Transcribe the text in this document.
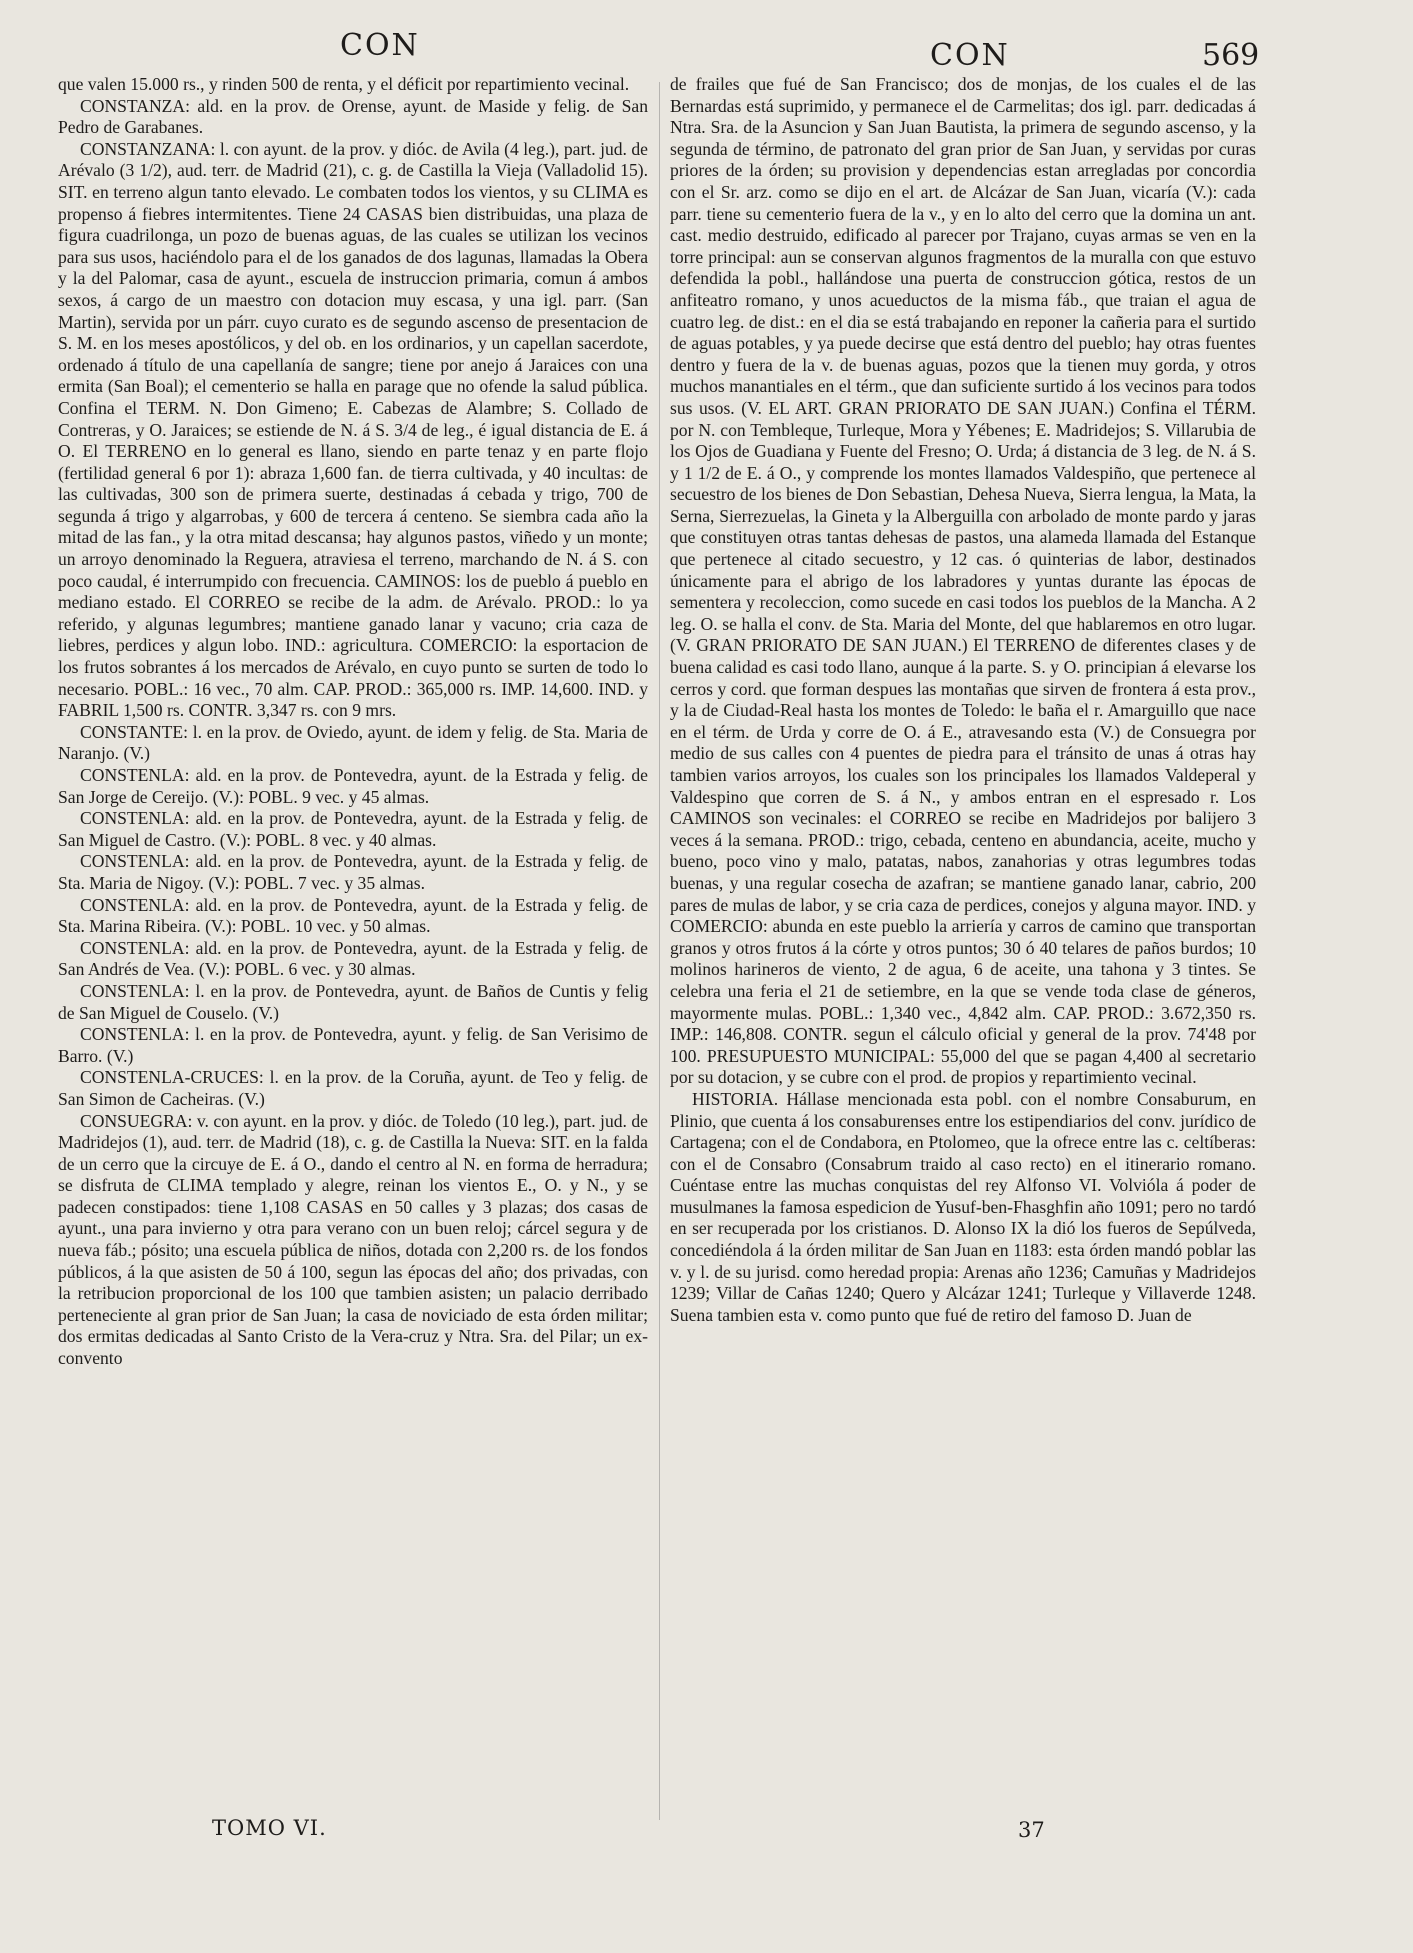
CON	CON	569

que valen 15.000 rs., y rinden 500 de renta, y el déficit por repartimiento vecinal.

CONSTANZA: ald. en la prov. de Orense, ayunt. de Maside y felig. de San Pedro de Garabanes.

CONSTANZANA: l. con ayunt. de la prov. y dióc. de Avila (4 leg.), part. jud. de Arévalo (3 1/2), aud. terr. de Madrid (21), c. g. de Castilla la Vieja (Valladolid 15). SIT. en terreno algun tanto elevado. Le combaten todos los vientos, y su CLIMA es propenso á fiebres intermitentes. Tiene 24 CASAS bien distribuidas, una plaza de figura cuadrilonga, un pozo de buenas aguas, de las cuales se utilizan los vecinos para sus usos, haciéndolo para el de los ganados de dos lagunas, llamadas la Obera y la del Palomar, casa de ayunt., escuela de instruccion primaria, comun á ambos sexos, á cargo de un maestro con dotacion muy escasa, y una igl. parr. (San Martin), servida por un párr. cuyo curato es de segundo ascenso de presentacion de S. M. en los meses apostólicos, y del ob. en los ordinarios, y un capellan sacerdote, ordenado á título de una capellanía de sangre; tiene por anejo á Jaraices con una ermita (San Boal); el cementerio se halla en parage que no ofende la salud pública. Confina el TERM. N. Don Gimeno; E. Cabezas de Alambre; S. Collado de Contreras, y O. Jaraices; se estiende de N. á S. 3/4 de leg., é igual distancia de E. á O. El TERRENO en lo general es llano, siendo en parte tenaz y en parte flojo (fertilidad general 6 por 1): abraza 1,600 fan. de tierra cultivada, y 40 incultas: de las cultivadas, 300 son de primera suerte, destinadas á cebada y trigo, 700 de segunda á trigo y algarrobas, y 600 de tercera á centeno. Se siembra cada año la mitad de las fan., y la otra mitad descansa; hay algunos pastos, viñedo y un monte; un arroyo denominado la Reguera, atraviesa el terreno, marchando de N. á S. con poco caudal, é interrumpido con frecuencia. CAMINOS: los de pueblo á pueblo en mediano estado. El CORREO se recibe de la adm. de Arévalo. PROD.: lo ya referido, y algunas legumbres; mantiene ganado lanar y vacuno; cria caza de liebres, perdices y algun lobo. IND.: agricultura. COMERCIO: la esportacion de los frutos sobrantes á los mercados de Arévalo, en cuyo punto se surten de todo lo necesario. POBL.: 16 vec., 70 alm. CAP. PROD.: 365,000 rs. IMP. 14,600. IND. y FABRIL 1,500 rs. CONTR. 3,347 rs. con 9 mrs.

CONSTANTE: l. en la prov. de Oviedo, ayunt. de idem y felig. de Sta. Maria de Naranjo. (V.)

CONSTENLA: ald. en la prov. de Pontevedra, ayunt. de la Estrada y felig. de San Jorge de Cereijo. (V.): POBL. 9 vec. y 45 almas.

CONSTENLA: ald. en la prov. de Pontevedra, ayunt. de la Estrada y felig. de San Miguel de Castro. (V.): POBL. 8 vec. y 40 almas.

CONSTENLA: ald. en la prov. de Pontevedra, ayunt. de la Estrada y felig. de Sta. Maria de Nigoy. (V.): POBL. 7 vec. y 35 almas.

CONSTENLA: ald. en la prov. de Pontevedra, ayunt. de la Estrada y felig. de Sta. Marina Ribeira. (V.): POBL. 10 vec. y 50 almas.

CONSTENLA: ald. en la prov. de Pontevedra, ayunt. de la Estrada y felig. de San Andrés de Vea. (V.): POBL. 6 vec. y 30 almas.

CONSTENLA: l. en la prov. de Pontevedra, ayunt. de Baños de Cuntis y felig de San Miguel de Couselo. (V.)

CONSTENLA: l. en la prov. de Pontevedra, ayunt. y felig. de San Verisimo de Barro. (V.)

CONSTENLA-CRUCES: l. en la prov. de la Coruña, ayunt. de Teo y felig. de San Simon de Cacheiras. (V.)

CONSUEGRA: v. con ayunt. en la prov. y dióc. de Toledo (10 leg.), part. jud. de Madridejos (1), aud. terr. de Madrid (18), c. g. de Castilla la Nueva: SIT. en la falda de un cerro que la circuye de E. á O., dando el centro al N. en forma de herradura; se disfruta de CLIMA templado y alegre, reinan los vientos E., O. y N., y se padecen constipados: tiene 1,108 CASAS en 50 calles y 3 plazas; dos casas de ayunt., una para invierno y otra para verano con un buen reloj; cárcel segura y de nueva fáb.; pósito; una escuela pública de niños, dotada con 2,200 rs. de los fondos públicos, á la que asisten de 50 á 100, segun las épocas del año; dos privadas, con la retribucion proporcional de los 100 que tambien asisten; un palacio derribado perteneciente al gran prior de San Juan; la casa de noviciado de esta órden militar; dos ermitas dedicadas al Santo Cristo de la Vera-cruz y Ntra. Sra. del Pilar; un ex-convento

de frailes que fué de San Francisco; dos de monjas, de los cuales el de las Bernardas está suprimido, y permanece el de Carmelitas; dos igl. parr. dedicadas á Ntra. Sra. de la Asuncion y San Juan Bautista, la primera de segundo ascenso, y la segunda de término, de patronato del gran prior de San Juan, y servidas por curas priores de la órden; su provision y dependencias estan arregladas por concordia con el Sr. arz. como se dijo en el art. de Alcázar de San Juan, vicaría (V.): cada parr. tiene su cementerio fuera de la v., y en lo alto del cerro que la domina un ant. cast. medio destruido, edificado al parecer por Trajano, cuyas armas se ven en la torre principal: aun se conservan algunos fragmentos de la muralla con que estuvo defendida la pobl., hallándose una puerta de construccion gótica, restos de un anfiteatro romano, y unos acueductos de la misma fáb., que traian el agua de cuatro leg. de dist.: en el dia se está trabajando en reponer la cañeria para el surtido de aguas potables, y ya puede decirse que está dentro del pueblo; hay otras fuentes dentro y fuera de la v. de buenas aguas, pozos que la tienen muy gorda, y otros muchos manantiales en el térm., que dan suficiente surtido á los vecinos para todos sus usos. (V. EL ART. GRAN PRIORATO DE SAN JUAN.) Confina el TÉRM. por N. con Tembleque, Turleque, Mora y Yébenes; E. Madridejos; S. Villarubia de los Ojos de Guadiana y Fuente del Fresno; O. Urda; á distancia de 3 leg. de N. á S. y 1 1/2 de E. á O., y comprende los montes llamados Valdespiño, que pertenece al secuestro de los bienes de Don Sebastian, Dehesa Nueva, Sierra lengua, la Mata, la Serna, Sierrezuelas, la Gineta y la Alberguilla con arbolado de monte pardo y jaras que constituyen otras tantas dehesas de pastos, una alameda llamada del Estanque que pertenece al citado secuestro, y 12 cas. ó quinterias de labor, destinados únicamente para el abrigo de los labradores y yuntas durante las épocas de sementera y recoleccion, como sucede en casi todos los pueblos de la Mancha. A 2 leg. O. se halla el conv. de Sta. Maria del Monte, del que hablaremos en otro lugar. (V. GRAN PRIORATO DE SAN JUAN.) El TERRENO de diferentes clases y de buena calidad es casi todo llano, aunque á la parte. S. y O. principian á elevarse los cerros y cord. que forman despues las montañas que sirven de frontera á esta prov., y la de Ciudad-Real hasta los montes de Toledo: le baña el r. Amarguillo que nace en el térm. de Urda y corre de O. á E., atravesando esta (V.) de Consuegra por medio de sus calles con 4 puentes de piedra para el tránsito de unas á otras hay tambien varios arroyos, los cuales son los principales los llamados Valdeperal y Valdespino que corren de S. á N., y ambos entran en el espresado r. Los CAMINOS son vecinales: el CORREO se recibe en Madridejos por balijero 3 veces á la semana. PROD.: trigo, cebada, centeno en abundancia, aceite, mucho y bueno, poco vino y malo, patatas, nabos, zanahorias y otras legumbres todas buenas, y una regular cosecha de azafran; se mantiene ganado lanar, cabrio, 200 pares de mulas de labor, y se cria caza de perdices, conejos y alguna mayor. IND. y COMERCIO: abunda en este pueblo la arriería y carros de camino que transportan granos y otros frutos á la córte y otros puntos; 30 ó 40 telares de paños burdos; 10 molinos harineros de viento, 2 de agua, 6 de aceite, una tahona y 3 tintes. Se celebra una feria el 21 de setiembre, en la que se vende toda clase de géneros, mayormente mulas. POBL.: 1,340 vec., 4,842 alm. CAP. PROD.: 3.672,350 rs. IMP.: 146,808. CONTR. segun el cálculo oficial y general de la prov. 74'48 por 100. PRESUPUESTO MUNICIPAL: 55,000 del que se pagan 4,400 al secretario por su dotacion, y se cubre con el prod. de propios y repartimiento vecinal.

HISTORIA. Hállase mencionada esta pobl. con el nombre Consaburum, en Plinio, que cuenta á los consaburenses entre los estipendiarios del conv. jurídico de Cartagena; con el de Condabora, en Ptolomeo, que la ofrece entre las c. celtíberas: con el de Consabro (Consabrum traido al caso recto) en el itinerario romano. Cuéntase entre las muchas conquistas del rey Alfonso VI. Volvióla á poder de musulmanes la famosa espedicion de Yusuf-ben-Fhasghfin año 1091; pero no tardó en ser recuperada por los cristianos. D. Alonso IX la dió los fueros de Sepúlveda, concediéndola á la órden militar de San Juan en 1183: esta órden mandó poblar las v. y l. de su jurisd. como heredad propia: Arenas año 1236; Camuñas y Madridejos 1239; Villar de Cañas 1240; Quero y Alcázar 1241; Turleque y Villaverde 1248. Suena tambien esta v. como punto que fué de retiro del famoso D. Juan de

TOMO VI.	37
